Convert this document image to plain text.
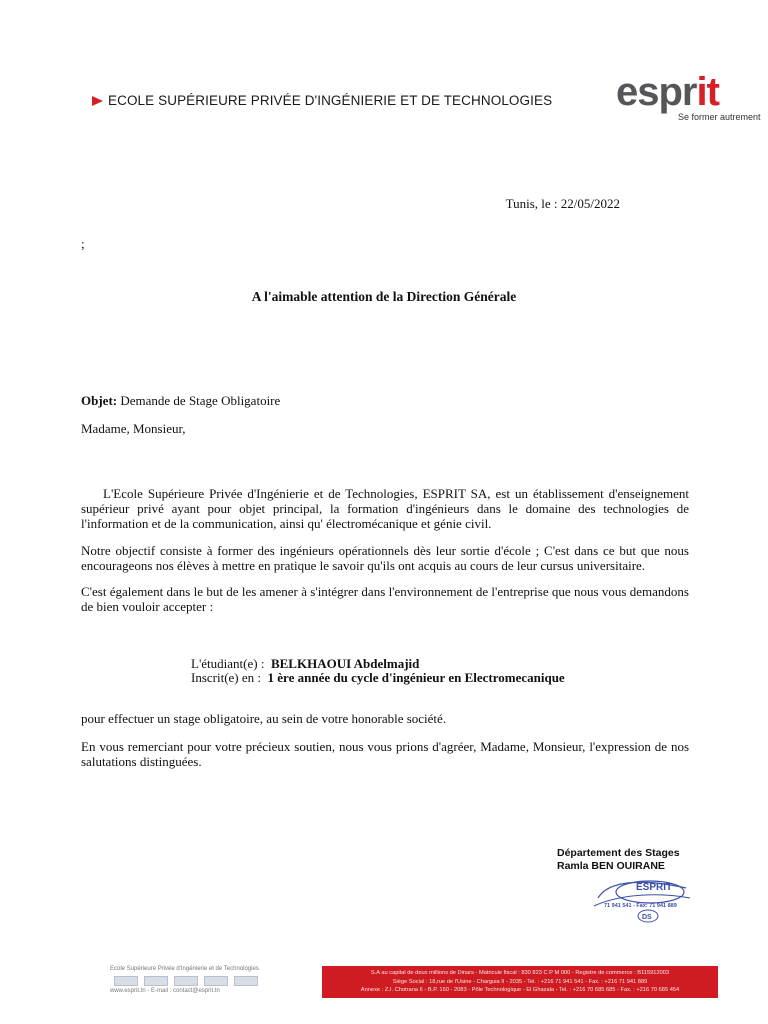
ECOLE SUPÉRIEURE PRIVÉE D'INGÉNIERIE ET DE TECHNOLOGIES esprit
Se former autrement
Tunis, le : 22/05/2022
;
A l'aimable attention de la Direction Générale
Objet: Demande de Stage Obligatoire
Madame, Monsieur,
L'Ecole Supérieure Privée d'Ingénierie et de Technologies, ESPRIT SA, est un établissement d'enseignement supérieur privé ayant pour objet principal, la formation d'ingénieurs dans le domaine des technologies de l'information et de la communication, ainsi qu' électromécanique et génie civil.
Notre objectif consiste à former des ingénieurs opérationnels dès leur sortie d'école ; C'est dans ce but que nous encourageons nos élèves à mettre en pratique le savoir qu'ils ont acquis au cours de leur cursus universitaire.
C'est également dans le but de les amener à s'intégrer dans l'environnement de l'entreprise que nous vous demandons de bien vouloir accepter :
L'étudiant(e) : BELKHAOUI Abdelmajid
Inscrit(e) en : 1 ère année du cycle d'ingénieur en Electromecanique
pour effectuer un stage obligatoire, au sein de votre honorable société.
En vous remerciant pour votre précieux soutien, nous vous prions d'agréer, Madame, Monsieur, l'expression de nos salutations distinguées.
Département des Stages
Ramla BEN OUIRANE
ESPRIT
71 941 541 - Fax: 71 941 889
DS
Ecole Supérieure Privée d'Ingénierie et de Technologies
www.esprit.tn - E-mail : contact@esprit.tn
S.A au capital de deux millions de Dinars - Matricule fiscal : 830 823 C P M 000 - Registre de commerce : B115912003
Siège Social : 18,rue de l'Usine - Charguia II - 2035 - Tel. : +216 71 941 541 - Fax. : +216 71 941 889
Annexe : Z.I. Chotrana II - B.P. 160 - 2083 - Pôle Technologique - El Ghazala - Tel. : +216 70 685 685 - Fax. : +216 70 685 454
